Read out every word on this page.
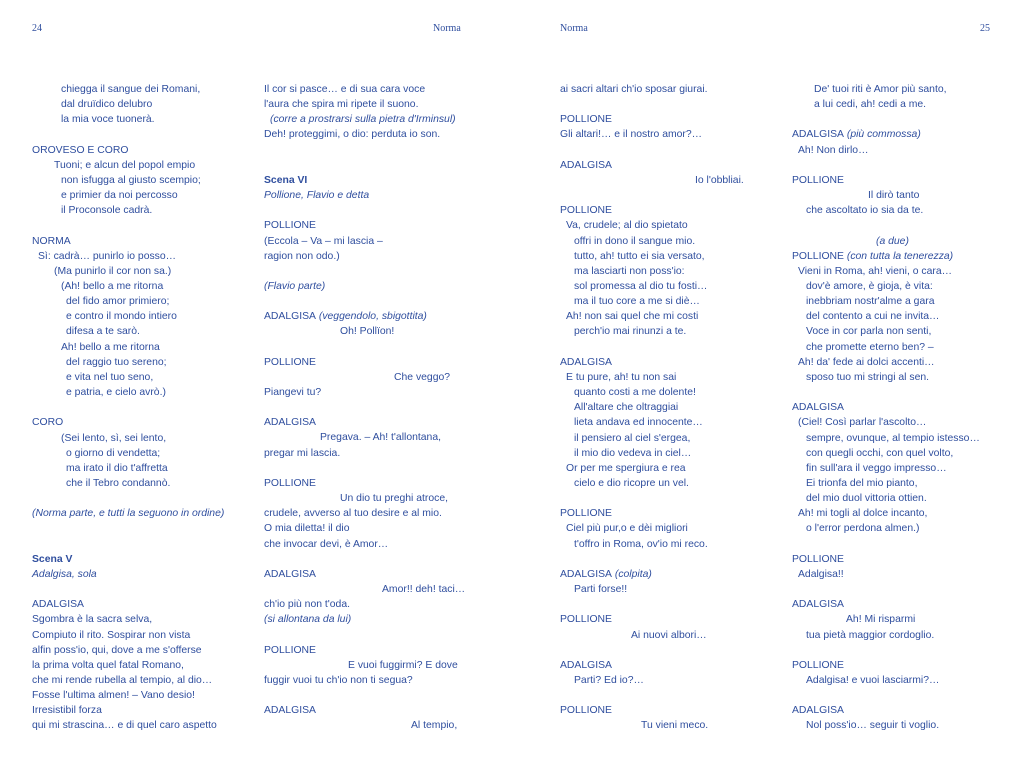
24	Norma	Norma	25
chiegga il sangue dei Romani,
dal druïdico delubro
la mia voce tuonerà.
OROVESO E CORO
Tuoni; e alcun del popol empio
non isfugga al giusto scempio;
e primier da noi percosso
il Proconsole cadrà.
NORMA
Sì: cadrà… punirlo io posso…
(Ma punirlo il cor non sa.)
(Ah! bello a me ritorna
del fido amor primiero;
e contro il mondo intiero
difesa a te sarò.
Ah! bello a me ritorna
del raggio tuo sereno;
e vita nel tuo seno,
e patria, e cielo avrò.)
CORO
(Sei lento, sì, sei lento,
o giorno di vendetta;
ma irato il dio t'affretta
che il Tebro condannò.
(Norma parte, e tutti la seguono in ordine)
Scena V
Adalgisa, sola
ADALGISA
Sgombra è la sacra selva,
Compiuto il rito. Sospirar non vista
alfin poss'io, qui, dove a me s'offerse
la prima volta quel fatal Romano,
che mi rende rubella al tempio, al dio…
Fosse l'ultima almen! – Vano desio!
Irresistibil forza
qui mi strascina… e di quel caro aspetto
Il cor si pasce… e di sua cara voce
l'aura che spira mi ripete il suono.
(corre a prostrarsi sulla pietra d'Irminsul)
Deh! proteggimi, o dio: perduta io son.
Scena VI
Pollione, Flavio e detta
POLLIONE
(Eccola – Va – mi lascia –
ragion non odo.)
(Flavio parte)
ADALGISA (veggendolo, sbigottita)
Oh! Pollïon!
POLLIONE
Che veggo?
Piangevi tu?
ADALGISA
Pregava. – Ah! t'allontana,
pregar mi lascia.
POLLIONE
Un dio tu preghi atroce,
crudele, avverso al tuo desire e al mio.
O mia diletta! il dio
che invocar devi, è Amor…
ADALGISA
Amor!! deh! taci…
ch'io più non t'oda.
(si allontana da lui)
POLLIONE
E vuoi fuggirmi? E dove
fuggir vuoi tu ch'io non ti segua?
ADALGISA
Al tempio,
ai sacri altari ch'io sposar giurai.
POLLIONE
Gli altari!… e il nostro amor?…
ADALGISA
Io l'obbliai.
POLLIONE
Va, crudele; al dio spietato
offri in dono il sangue mio.
tutto, ah! tutto ei sia versato,
ma lasciarti non poss'io:
sol promessa al dio tu fosti…
ma il tuo core a me si diè…
Ah! non sai quel che mi costi
perch'io mai rinunzi a te.
ADALGISA
E tu pure, ah! tu non sai
quanto costi a me dolente!
All'altare che oltraggiai
lieta andava ed innocente…
il pensiero al ciel s'ergea,
il mio dio vedeva in ciel…
Or per me spergiura e rea
cielo e dio ricopre un vel.
POLLIONE
Ciel più pur,o e dèi migliori
t'offro in Roma, ov'io mi reco.
ADALGISA (colpita)
Parti forse!!
POLLIONE
Ai nuovi albori…
ADALGISA
Parti? Ed io?…
POLLIONE
Tu vieni meco.
De' tuoi riti è Amor più santo,
a lui cedi, ah! cedi a me.
ADALGISA (più commossa)
Ah! Non dirlo…
POLLIONE
Il dirò tanto
che ascoltato io sia da te.
(a due)
POLLIONE (con tutta la tenerezza)
Vieni in Roma, ah! vieni, o cara…
dov'è amore, è gioja, è vita:
inebbriam nostr'alme a gara
del contento a cui ne invita…
Voce in cor parla non senti,
che promette eterno ben? –
Ah! da' fede ai dolci accenti…
sposo tuo mi stringi al sen.
ADALGISA
(Ciel! Così parlar l'ascolto…
sempre, ovunque, al tempio istesso…
con quegli occhi, con quel volto,
fin sull'ara il veggo impresso…
Ei trionfa del mio pianto,
del mio duol vittoria ottien.
Ah! mi togli al dolce incanto,
o l'error perdona almen.)
POLLIONE
Adalgisa!!
ADALGISA
Ah! Mi risparmi
tua pietà maggior cordoglio.
POLLIONE
Adalgisa! e vuoi lasciarmi?…
ADALGISA
Nol poss'io… seguir ti voglio.
